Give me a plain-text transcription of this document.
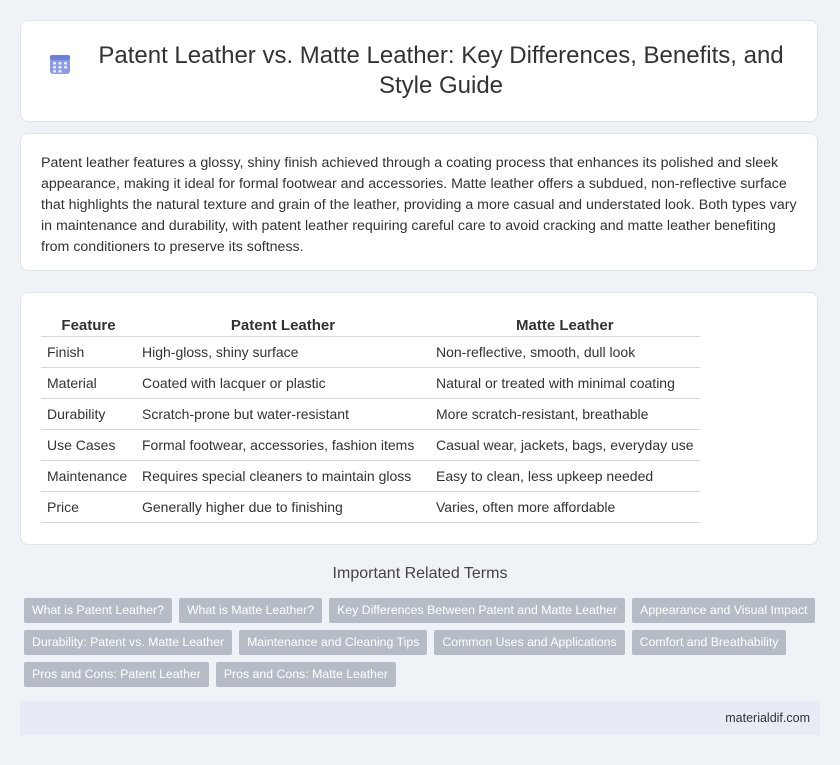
Patent Leather vs. Matte Leather: Key Differences, Benefits, and Style Guide

Patent leather features a glossy, shiny finish achieved through a coating process that enhances its polished and sleek appearance, making it ideal for formal footwear and accessories. Matte leather offers a subdued, non-reflective surface that highlights the natural texture and grain of the leather, providing a more casual and understated look. Both types vary in maintenance and durability, with patent leather requiring careful care to avoid cracking and matte leather benefiting from conditioners to preserve its softness.

Feature	Patent Leather	Matte Leather
Finish	High-gloss, shiny surface	Non-reflective, smooth, dull look
Material	Coated with lacquer or plastic	Natural or treated with minimal coating
Durability	Scratch-prone but water-resistant	More scratch-resistant, breathable
Use Cases	Formal footwear, accessories, fashion items	Casual wear, jackets, bags, everyday use
Maintenance	Requires special cleaners to maintain gloss	Easy to clean, less upkeep needed
Price	Generally higher due to finishing	Varies, often more affordable
Important Related Terms
What is Patent Leather?	What is Matte Leather?	Key Differences Between Patent and Matte Leather	Appearance and Visual Impact
Durability: Patent vs. Matte Leather	Maintenance and Cleaning Tips	Common Uses and Applications	Comfort and Breathability
Pros and Cons: Patent Leather	Pros and Cons: Matte Leather
materialdif.com
